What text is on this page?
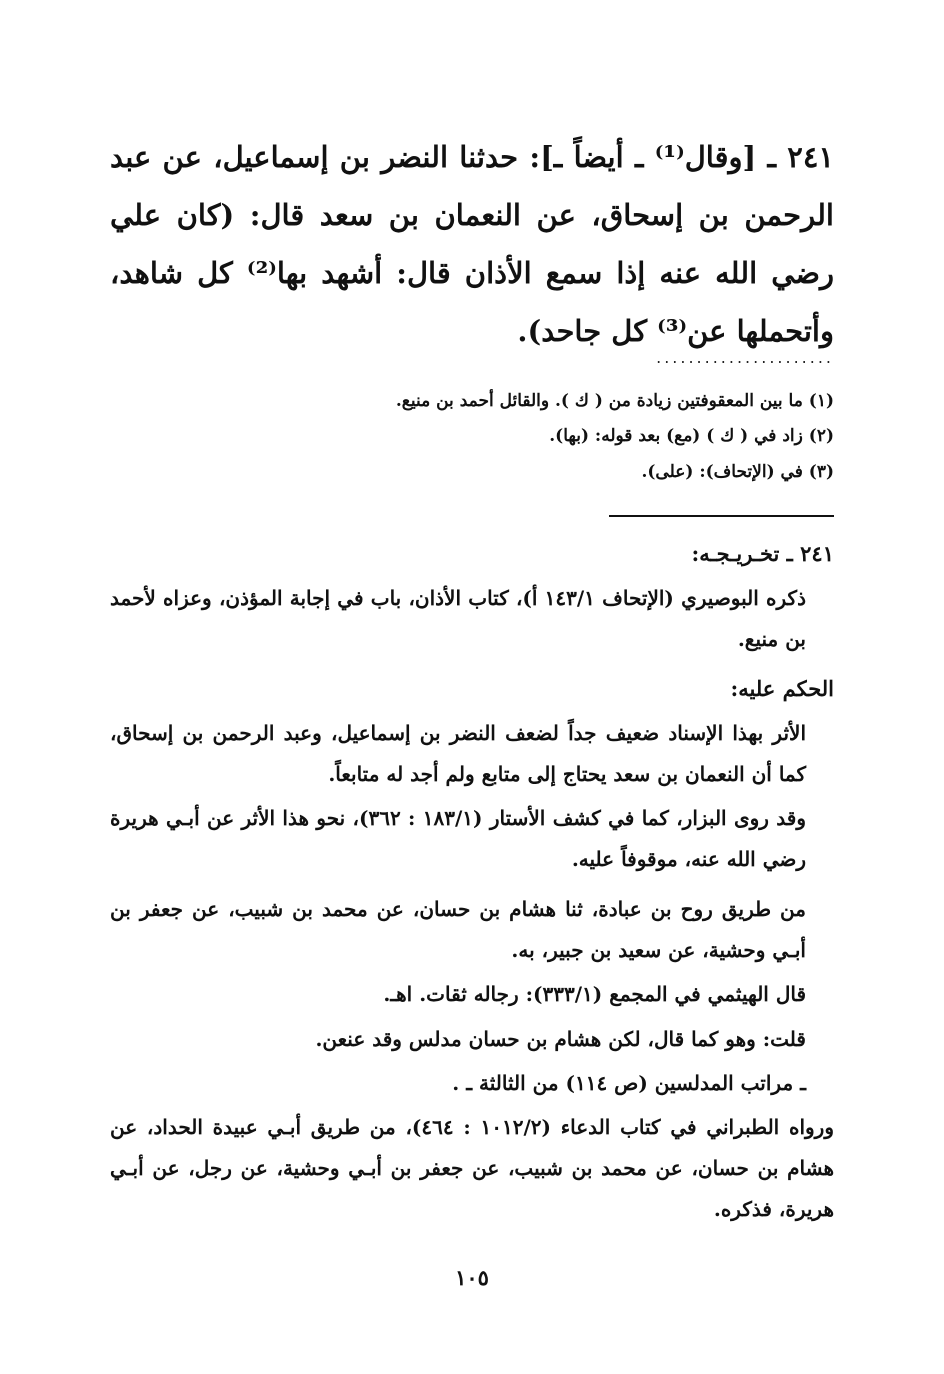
٢٤١ ـ [وقال⁽¹⁾ ـ أيضاً ـ]: حدثنا النضر بن إسماعيل، عن عبد الرحمن بن إسحاق، عن النعمان بن سعد قال: (كان علي رضي الله عنه إذا سمع الأذان قال: أشهد بها⁽²⁾ كل شاهد، وأتحملها عن⁽³⁾ كل جاحد).

......................

(١) ما بين المعقوفتين زيادة من ( ك ). والقائل أحمد بن منيع.

(٢) زاد في ( ك ) (مع) بعد قوله: (بها).

(٣) في (الإتحاف): (على).

٢٤١ ـ تخـريـجـه:

ذكره البوصيري (الإتحاف ١٤٣/١ أ)، كتاب الأذان، باب في إجابة المؤذن، وعزاه لأحمد بن منيع.

الحكم عليه:

الأثر بهذا الإسناد ضعيف جداً لضعف النضر بن إسماعيل، وعبد الرحمن بن إسحاق، كما أن النعمان بن سعد يحتاج إلى متابع ولم أجد له متابعاً.

وقد روى البزار، كما في كشف الأستار (١٨٣/١ : ٣٦٢)، نحو هذا الأثر عن أبـي هريرة رضي الله عنه، موقوفاً عليه.

من طريق روح بن عبادة، ثنا هشام بن حسان، عن محمد بن شبيب، عن جعفر بن أبـي وحشية، عن سعيد بن جبير، به.

قال الهيثمي في المجمع (٣٣٣/١): رجاله ثقات. اهـ.

قلت: وهو كما قال، لكن هشام بن حسان مدلس وقد عنعن.

ـ مراتب المدلسين (ص ١١٤) من الثالثة ـ .

ورواه الطبراني في كتاب الدعاء (١٠١٢/٢ : ٤٦٤)، من طريق أبـي عبيدة الحداد، عن هشام بن حسان، عن محمد بن شبيب، عن جعفر بن أبـي وحشية، عن رجل، عن أبـي هريرة، فذكره.

١٠٥
